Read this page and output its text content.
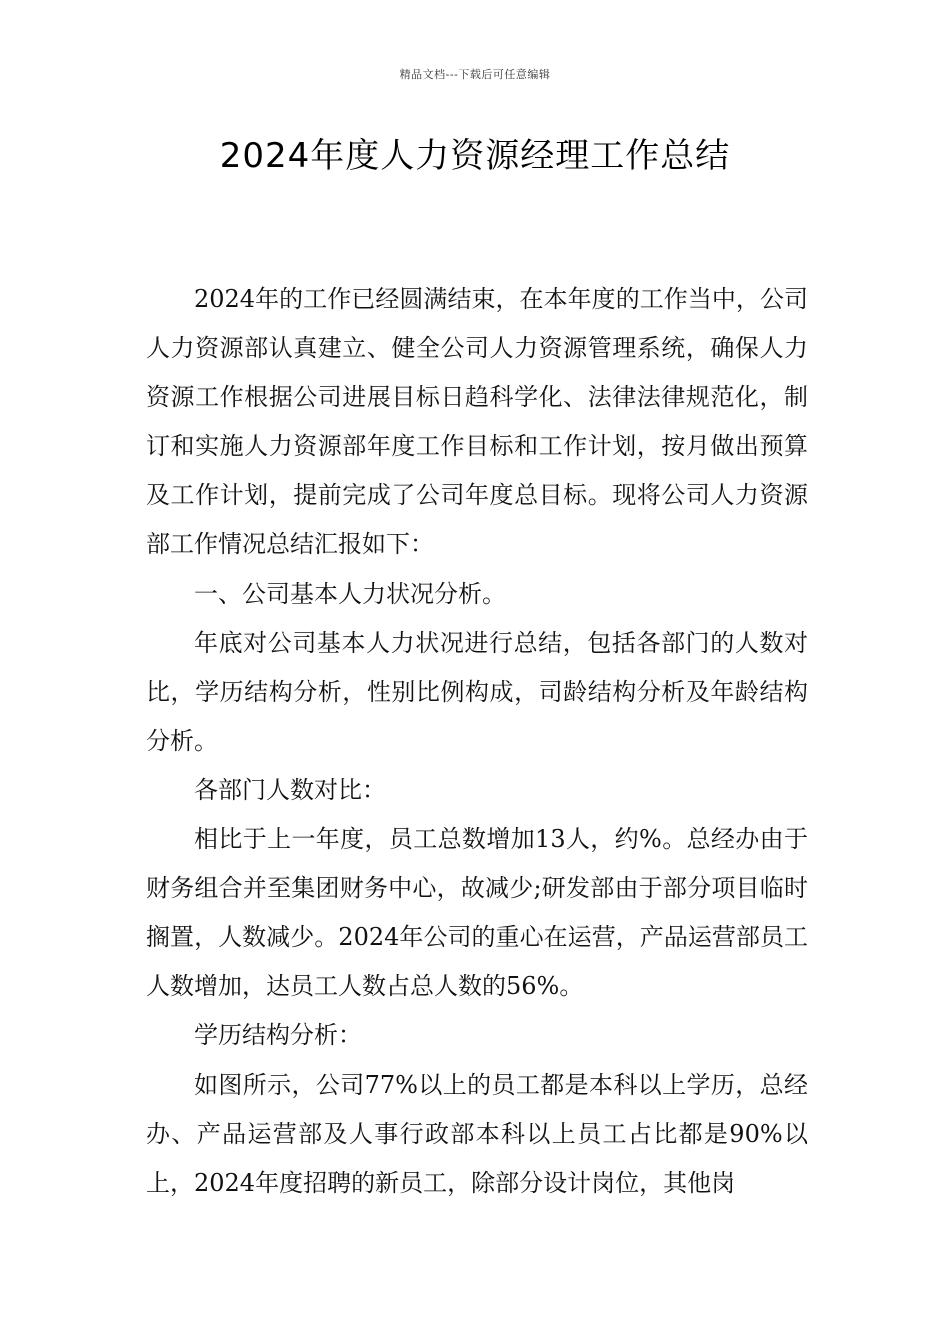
精品文档---下载后可任意编辑
2024年度人力资源经理工作总结

2024年的工作已经圆满结束，在本年度的工作当中，公司人力资源部认真建立、健全公司人力资源管理系统，确保人力资源工作根据公司进展目标日趋科学化、法律法律规范化，制订和实施人力资源部年度工作目标和工作计划，按月做出预算及工作计划，提前完成了公司年度总目标。现将公司人力资源部工作情况总结汇报如下：

一、公司基本人力状况分析。

年底对公司基本人力状况进行总结，包括各部门的人数对比，学历结构分析，性别比例构成，司龄结构分析及年龄结构分析。

各部门人数对比：

相比于上一年度，员工总数增加13人，约%。总经办由于财务组合并至集团财务中心，故减少;研发部由于部分项目临时搁置，人数减少。2024年公司的重心在运营，产品运营部员工人数增加，达员工人数占总人数的56%。

学历结构分析：

如图所示，公司77%以上的员工都是本科以上学历，总经办、产品运营部及人事行政部本科以上员工占比都是90%以上，2024年度招聘的新员工，除部分设计岗位，其他岗
